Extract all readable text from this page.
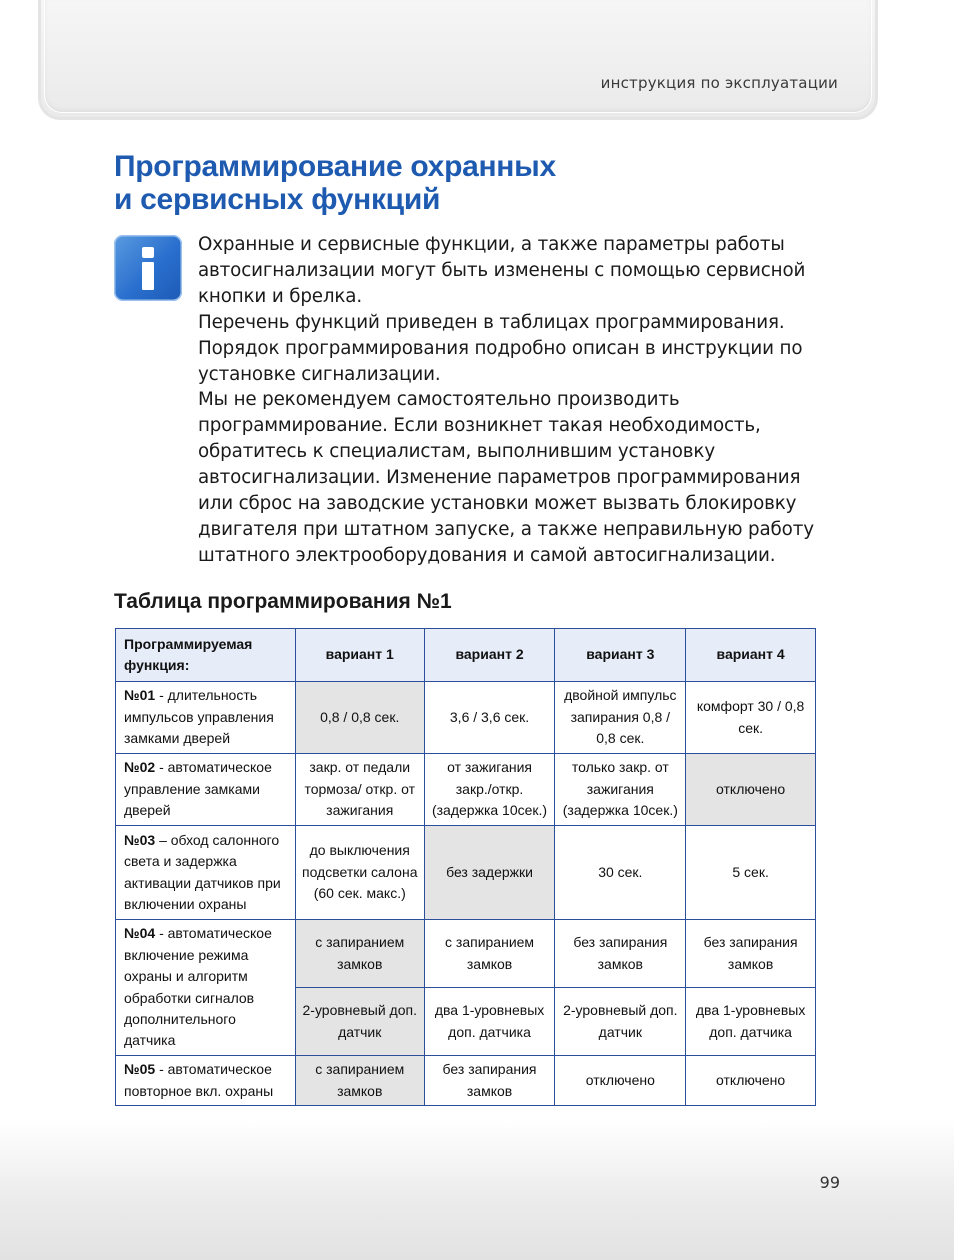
инструкция по эксплуатации
Программирование охранных
и сервисных функций

Охранные и сервисные функции, а также параметры работы автосигнализации могут быть изменены с помощью сервисной кнопки и брелка.

Перечень функций приведен в таблицах программирования.

Порядок программирования подробно описан в инструкции по установке сигнализации.

Мы не рекомендуем самостоятельно производить программирование. Если возникнет такая необходимость, обратитесь к специалистам, выполнившим установку автосигнализации. Изменение параметров программирования или сброс на заводские установки может вызвать блокировку двигателя при штатном запуске, а также неправильную работу штатного электрооборудования и самой автосигнализации.

Таблица программирования №1
Программируемая
функция:	вариант 1	вариант 2	вариант 3	вариант 4
№01 - длительность импульсов управления замками дверей	0,8 / 0,8 сек.	3,6 / 3,6 сек.	двойной импульс запирания 0,8 / 0,8 сек.	комфорт 30 / 0,8 сек.
№02 - автоматическое управление замками дверей	закр. от педали тормоза/ откр. от зажигания	от зажигания закр./откр. (задержка 10сек.)	только закр. от зажигания (задержка 10сек.)	отключено
№03 – обход салонного света и задержка активации датчиков при включении охраны	до выключения подсветки салона (60 сек. макс.)	без задержки	30 сек.	5 сек.
№04 - автоматическое включение режима охраны и алгоритм обработки сигналов дополнительного датчика	с запиранием замков	с запиранием замков	без запирания замков	без запирания замков
	2-уровневый доп. датчик	два 1-уровневых доп. датчика	2-уровневый доп. датчик	два 1-уровневых доп. датчика
№05 - автоматическое повторное вкл. охраны	с запиранием замков	без запирания замков	отключено	отключено
99
